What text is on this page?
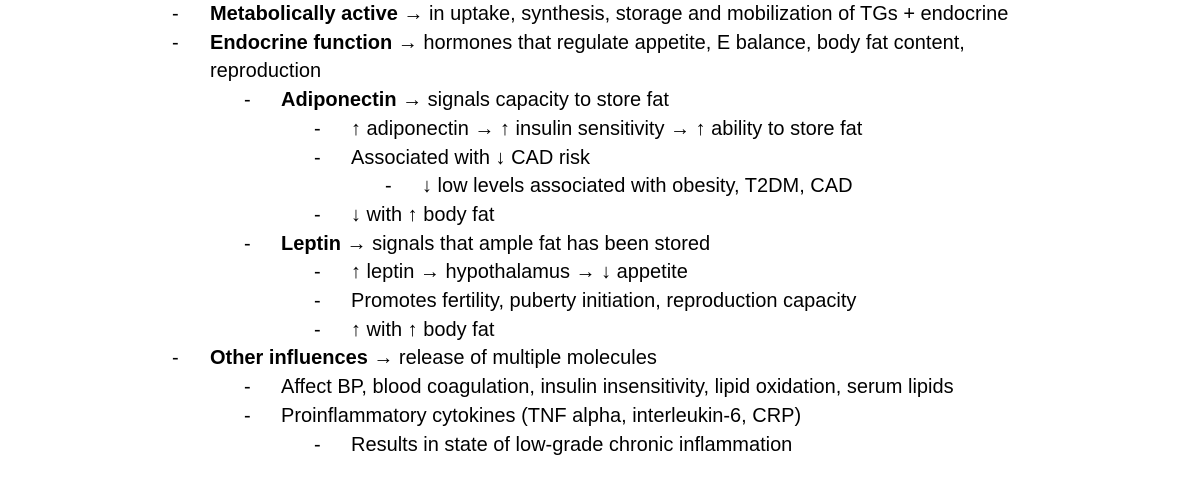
-	Metabolically active → in uptake, synthesis, storage and mobilization of TGs + endocrine
-	Endocrine function → hormones that regulate appetite, E balance, body fat content, reproduction
-	Adiponectin → signals capacity to store fat
-	↑ adiponectin → ↑ insulin sensitivity → ↑ ability to store fat
-	Associated with ↓ CAD risk
-	↓ low levels associated with obesity, T2DM, CAD
-	↓ with ↑ body fat
-	Leptin → signals that ample fat has been stored
-	↑ leptin → hypothalamus → ↓ appetite
-	Promotes fertility, puberty initiation, reproduction capacity
-	↑ with ↑ body fat
-	Other influences → release of multiple molecules
-	Affect BP, blood coagulation, insulin insensitivity, lipid oxidation, serum lipids
-	Proinflammatory cytokines (TNF alpha, interleukin-6, CRP)
-	Results in state of low-grade chronic inflammation
